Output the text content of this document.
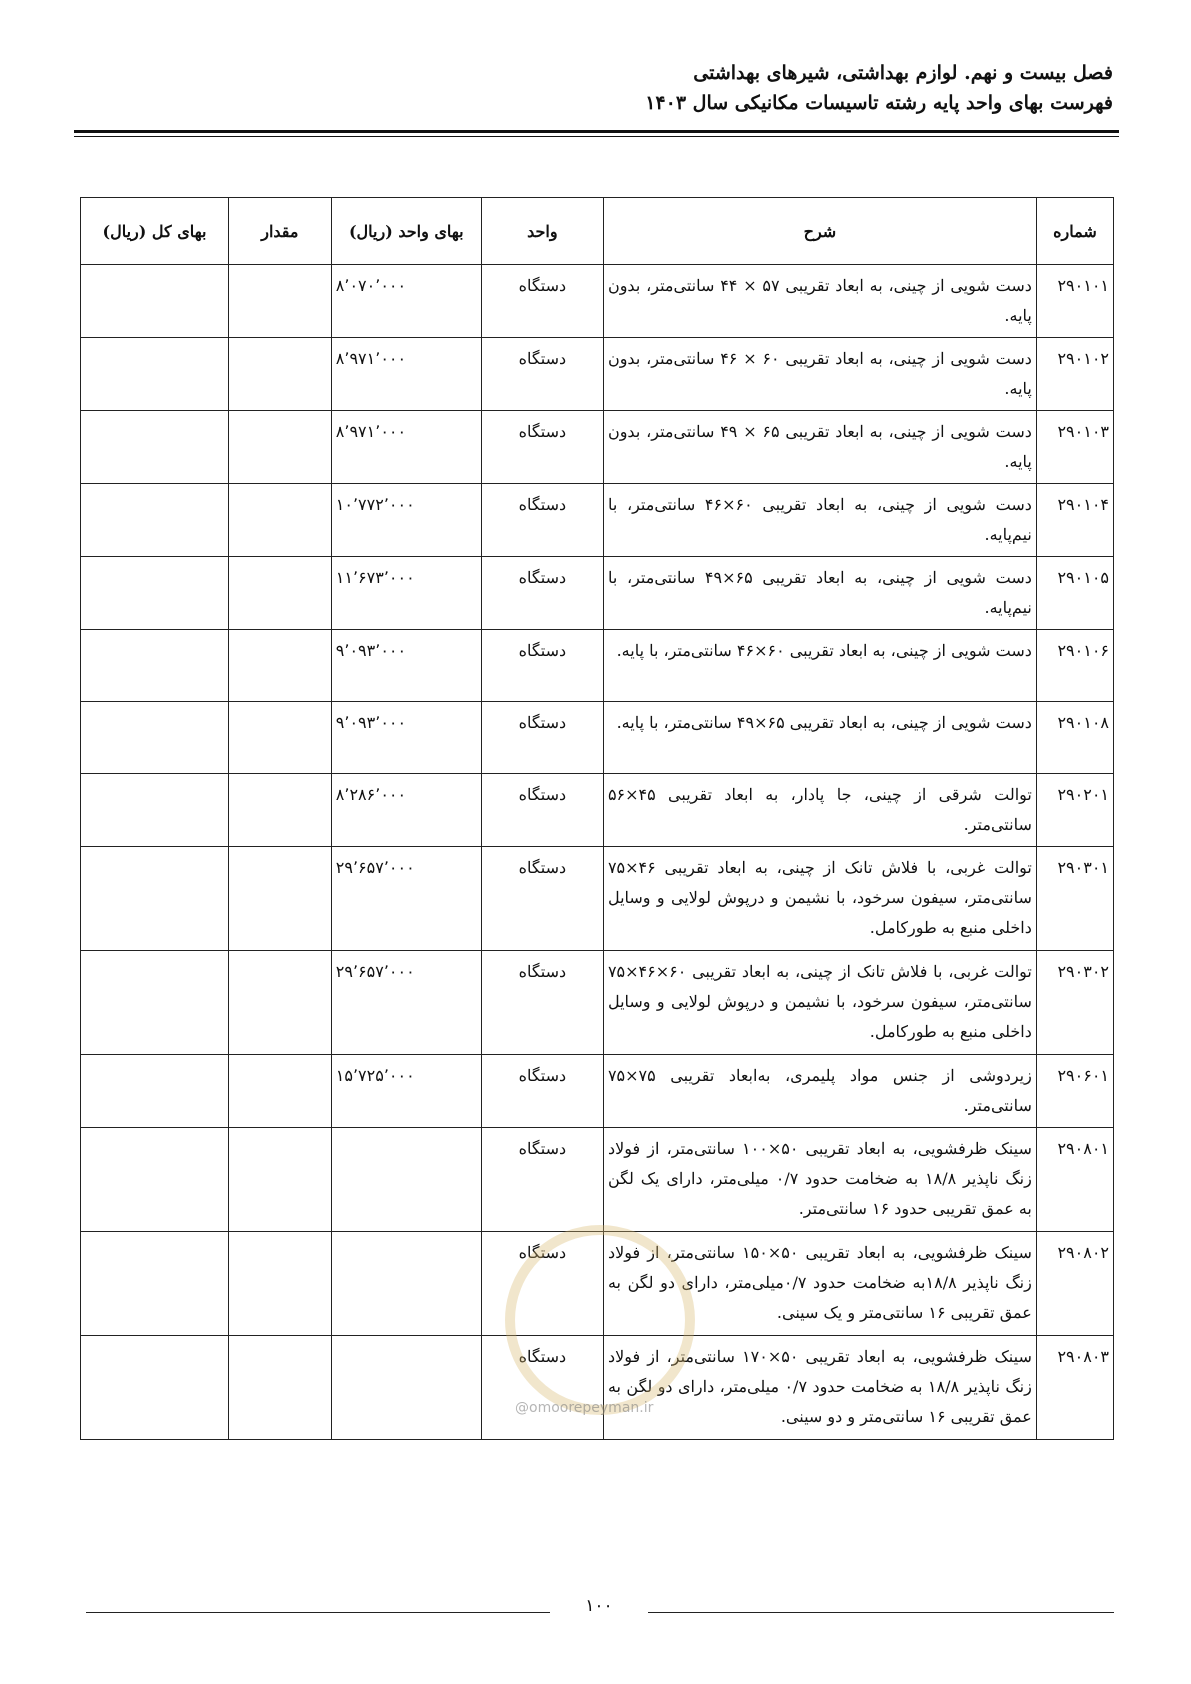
فصل بیست و نهم. لوازم بهداشتی، شیرهای بهداشتی
فهرست بهای واحد پایه رشته تاسیسات مکانیکی سال ۱۴۰۳
شماره	شرح	واحد	بهای واحد (ریال)	مقدار	بهای کل (ریال)
۲۹۰۱۰۱	دست شویی از چینی، به ابعاد تقریبی ۵۷ × ۴۴ سانتی‌متر، بدون پایه.	دستگاه	۸٬۰۷۰٬۰۰۰		
۲۹۰۱۰۲	دست شویی از چینی، به ابعاد تقریبی ۶۰ × ۴۶ سانتی‌متر، بدون پایه.	دستگاه	۸٬۹۷۱٬۰۰۰		
۲۹۰۱۰۳	دست شویی از چینی، به ابعاد تقریبی ۶۵ × ۴۹ سانتی‌متر، بدون پایه.	دستگاه	۸٬۹۷۱٬۰۰۰		
۲۹۰۱۰۴	دست شویی از چینی، به ابعاد تقریبی ۶۰×۴۶ سانتی‌متر، با نیم‌پایه.	دستگاه	۱۰٬۷۷۲٬۰۰۰		
۲۹۰۱۰۵	دست شویی از چینی، به ابعاد تقریبی ۶۵×۴۹ سانتی‌متر، با نیم‌پایه.	دستگاه	۱۱٬۶۷۳٬۰۰۰		
۲۹۰۱۰۶	دست شویی از چینی، به ابعاد تقریبی ۶۰×۴۶ سانتی‌متر، با پایه.	دستگاه	۹٬۰۹۳٬۰۰۰		
۲۹۰۱۰۸	دست شویی از چینی، به ابعاد تقریبی ۶۵×۴۹ سانتی‌متر، با پایه.	دستگاه	۹٬۰۹۳٬۰۰۰		
۲۹۰۲۰۱	توالت شرقی از چینی، جا پادار، به ابعاد تقریبی ۴۵×۵۶ سانتی‌متر.	دستگاه	۸٬۲۸۶٬۰۰۰		
۲۹۰۳۰۱	توالت غربی، با فلاش تانک از چینی، به ابعاد تقریبی ۴۶×۷۵ سانتی‌متر، سیفون سرخود، با نشیمن و درپوش لولایی و وسایل داخلی منبع به طورکامل.	دستگاه	۲۹٬۶۵۷٬۰۰۰		
۲۹۰۳۰۲	توالت غربی، با فلاش تانک از چینی، به ابعاد تقریبی ۶۰×۴۶×۷۵ سانتی‌متر، سیفون سرخود، با نشیمن و درپوش لولایی و وسایل داخلی منبع به طورکامل.	دستگاه	۲۹٬۶۵۷٬۰۰۰		
۲۹۰۶۰۱	زیردوشی از جنس مواد پلیمری، به‌ابعاد تقریبی ۷۵×۷۵ سانتی‌متر.	دستگاه	۱۵٬۷۲۵٬۰۰۰		
۲۹۰۸۰۱	سینک ظرفشویی، به ابعاد تقریبی ۵۰×۱۰۰ سانتی‌متر، از فولاد زنگ ناپذیر ۱۸/۸ به ضخامت حدود ۰/۷ میلی‌متر، دارای یک لگن به عمق تقریبی حدود ۱۶ سانتی‌متر.	دستگاه			
۲۹۰۸۰۲	سینک ظرفشویی، به ابعاد تقریبی ۵۰×۱۵۰ سانتی‌متر، از فولاد زنگ ناپذیر ۱۸/۸به ضخامت حدود ۰/۷میلی‌متر، دارای دو لگن به عمق تقریبی ۱۶ سانتی‌متر و یک سینی.	دستگاه			
۲۹۰۸۰۳	سینک ظرفشویی، به ابعاد تقریبی ۵۰×۱۷۰ سانتی‌متر، از فولاد زنگ ناپذیر ۱۸/۸ به ضخامت حدود ۰/۷ میلی‌متر، دارای دو لگن به عمق تقریبی ۱۶ سانتی‌متر و دو سینی.	دستگاه			
@omoorepeyman.ir
۱۰۰
